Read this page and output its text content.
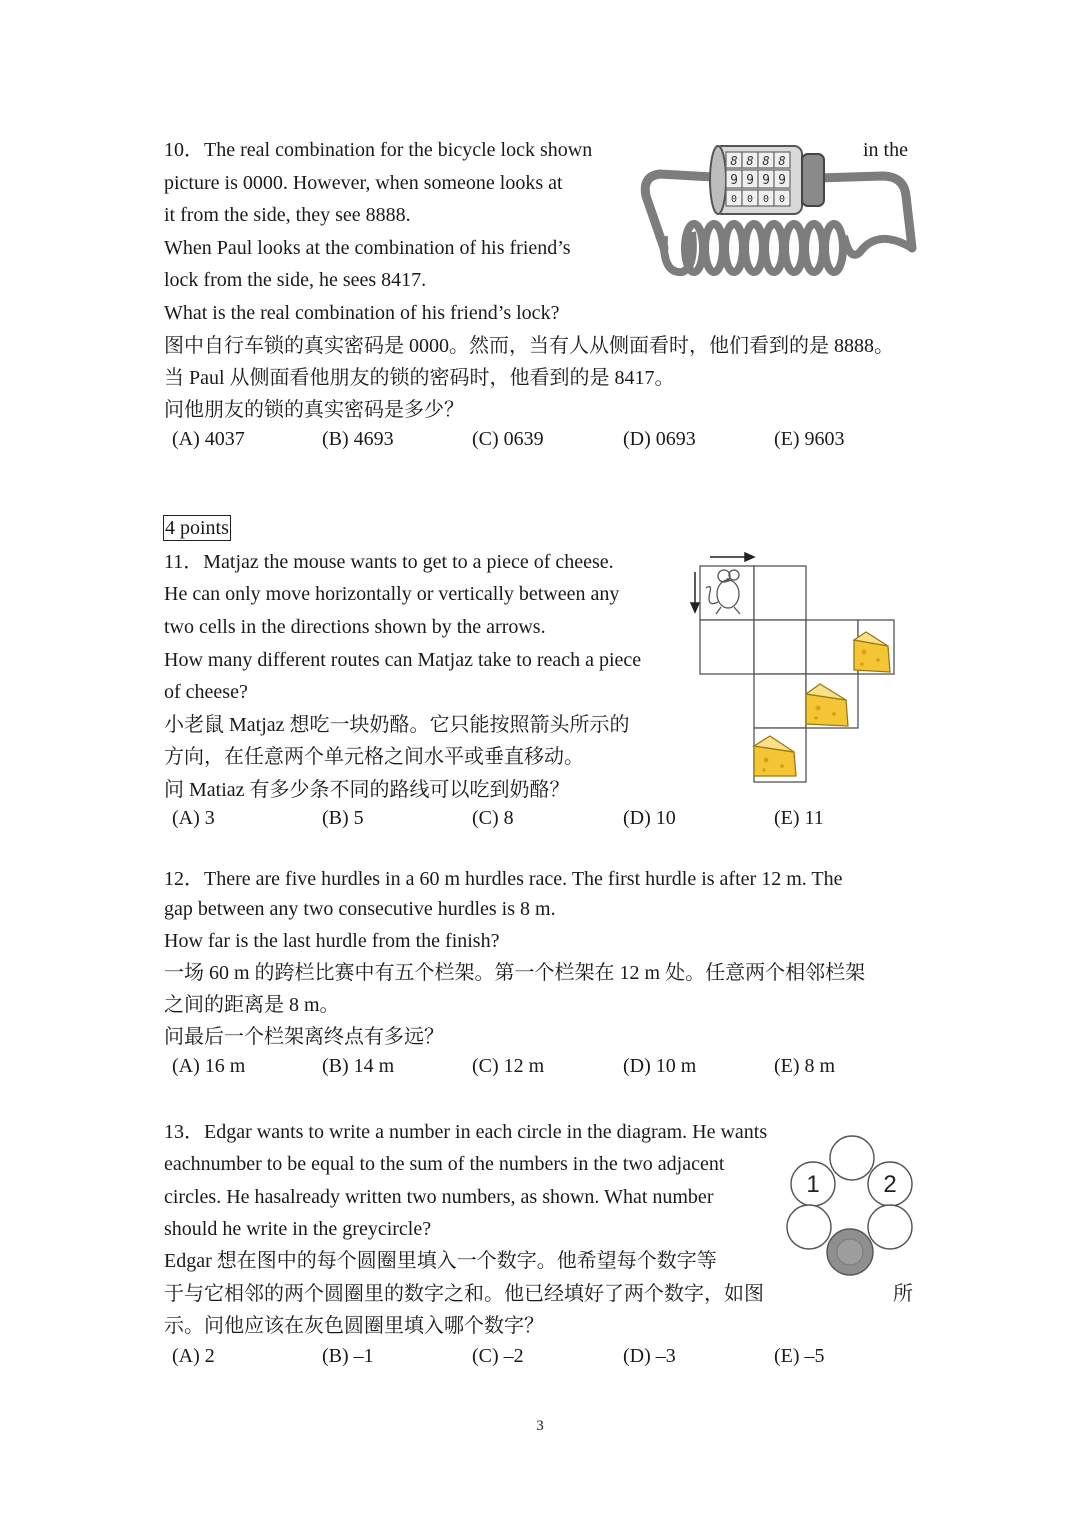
10．The real combination for the bicycle lock shown	in the
picture is 0000. However, when someone looks at
it from the side, they see 8888.
When Paul looks at the combination of his friend’s
lock from the side, he sees 8417.
What is the real combination of his friend’s lock?
图中自行车锁的真实密码是 0000。然而，当有人从侧面看时，他们看到的是 8888。
当 Paul 从侧面看他朋友的锁的密码时，他看到的是 8417。
问他朋友的锁的真实密码是多少？
8 8 8 8
9 9 9 9
0 0 0 0
(A) 4037	(B) 4693	(C) 0639	(D) 0693	(E) 9603
4 points
11．Matjaz the mouse wants to get to a piece of cheese.
He can only move horizontally or vertically between any
two cells in the directions shown by the arrows.
How many different routes can Matjaz take to reach a piece
of cheese?
小老鼠 Matjaz 想吃一块奶酪。它只能按照箭头所示的
方向，在任意两个单元格之间水平或垂直移动。
问 Matiaz 有多少条不同的路线可以吃到奶酪？
(A) 3	(B) 5	(C) 8	(D) 10	(E) 11
12．There are five hurdles in a 60 m hurdles race. The first hurdle is after 12 m. The
gap between any two consecutive hurdles is 8 m.
How far is the last hurdle from the finish?
一场 60 m 的跨栏比赛中有五个栏架。第一个栏架在 12 m 处。任意两个相邻栏架
之间的距离是 8 m。
问最后一个栏架离终点有多远？
(A) 16 m	(B) 14 m	(C) 12 m	(D) 10 m	(E) 8 m
13．Edgar wants to write a number in each circle in the diagram. He wants
eachnumber to be equal to the sum of the numbers in the two adjacent
circles. He hasalready written two numbers, as shown. What number
should he write in the greycircle?
Edgar 想在图中的每个圆圈里填入一个数字。他希望每个数字等
于与它相邻的两个圆圈里的数字之和。他已经填好了两个数字，如图	所
示。问他应该在灰色圆圈里填入哪个数字？
1	2
(A) 2	(B) –1	(C) –2	(D) –3	(E) –5
3
